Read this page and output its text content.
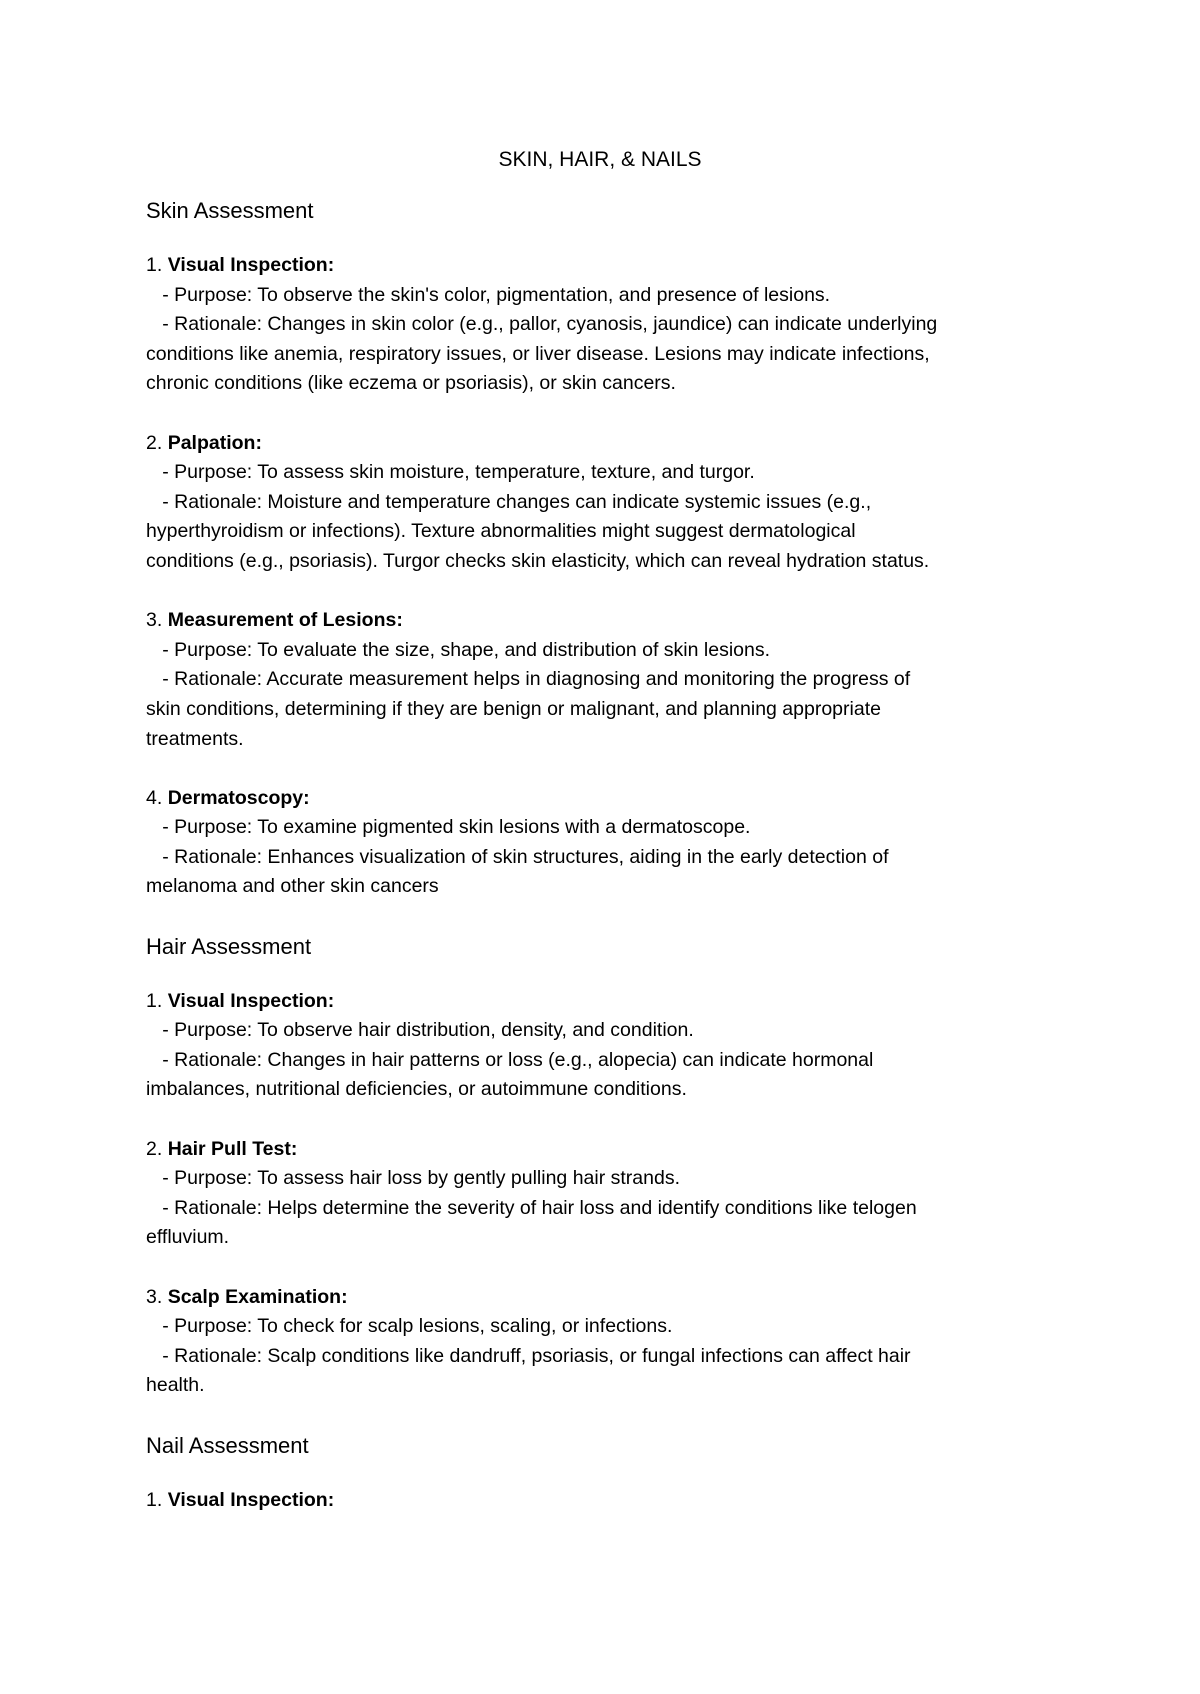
SKIN, HAIR, & NAILS
Skin Assessment
1. Visual Inspection:
- Purpose: To observe the skin's color, pigmentation, and presence of lesions.
- Rationale: Changes in skin color (e.g., pallor, cyanosis, jaundice) can indicate underlying
conditions like anemia, respiratory issues, or liver disease. Lesions may indicate infections,
chronic conditions (like eczema or psoriasis), or skin cancers.
2. Palpation:
- Purpose: To assess skin moisture, temperature, texture, and turgor.
- Rationale: Moisture and temperature changes can indicate systemic issues (e.g.,
hyperthyroidism or infections). Texture abnormalities might suggest dermatological
conditions (e.g., psoriasis). Turgor checks skin elasticity, which can reveal hydration status.
3. Measurement of Lesions:
- Purpose: To evaluate the size, shape, and distribution of skin lesions.
- Rationale: Accurate measurement helps in diagnosing and monitoring the progress of
skin conditions, determining if they are benign or malignant, and planning appropriate
treatments.
4. Dermatoscopy:
- Purpose: To examine pigmented skin lesions with a dermatoscope.
- Rationale: Enhances visualization of skin structures, aiding in the early detection of
melanoma and other skin cancers
Hair Assessment
1. Visual Inspection:
- Purpose: To observe hair distribution, density, and condition.
- Rationale: Changes in hair patterns or loss (e.g., alopecia) can indicate hormonal
imbalances, nutritional deficiencies, or autoimmune conditions.
2. Hair Pull Test:
- Purpose: To assess hair loss by gently pulling hair strands.
- Rationale: Helps determine the severity of hair loss and identify conditions like telogen
effluvium.
3. Scalp Examination:
- Purpose: To check for scalp lesions, scaling, or infections.
- Rationale: Scalp conditions like dandruff, psoriasis, or fungal infections can affect hair
health.
Nail Assessment
1. Visual Inspection:
